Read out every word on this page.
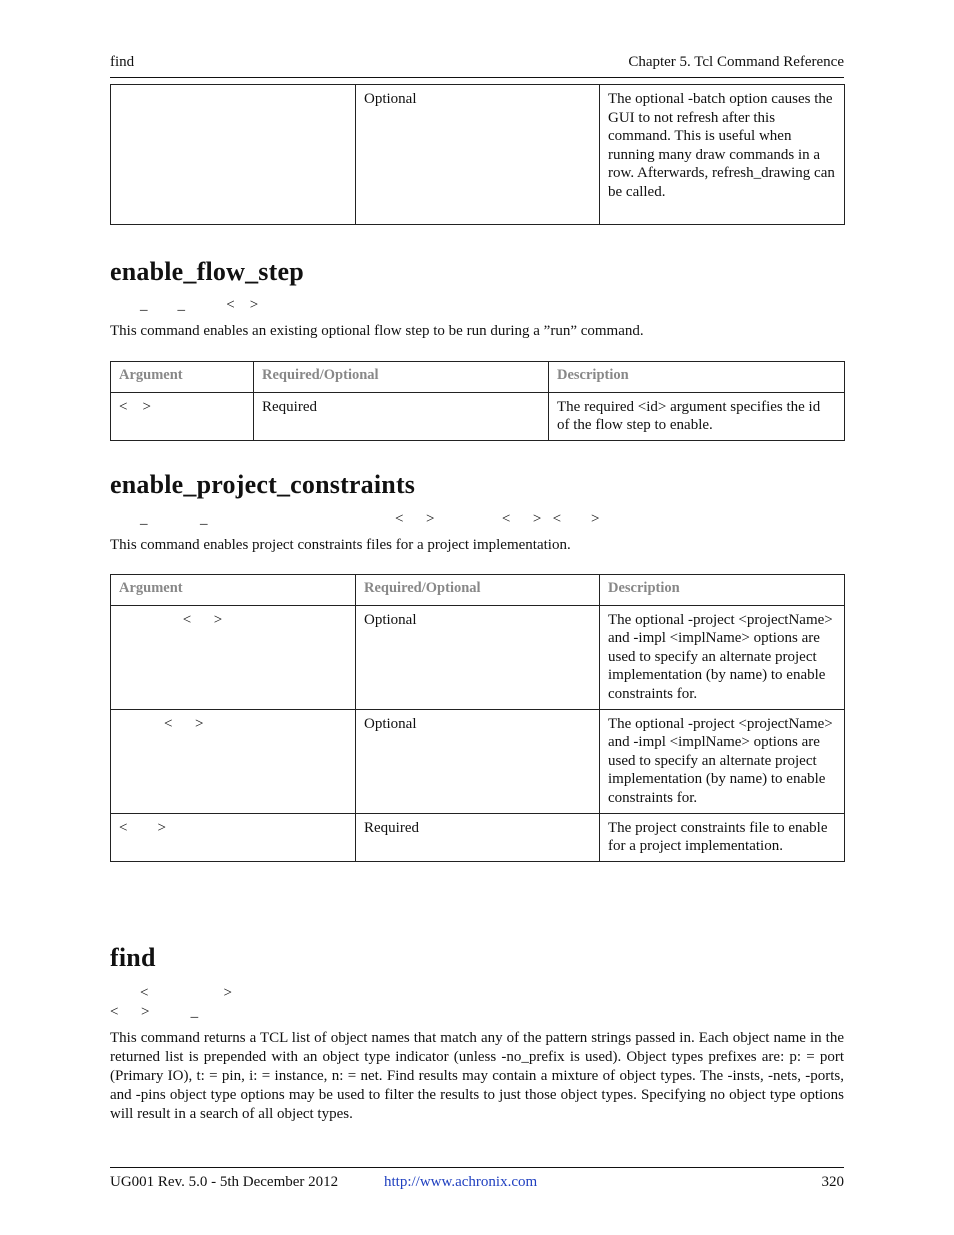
find	Chapter 5. Tcl Command Reference
	Optional	The optional -batch option causes the GUI to not refresh after this command. This is useful when running many draw commands in a row. Afterwards, refresh_drawing can be called.
enable_flow_step
_        _           <    >

This command enables an existing optional flow step to be run during a ”run” command.

Argument	Required/Optional	Description
<    >	Required	The required <id> argument specifies the id of the flow step to enable.
enable_project_constraints
_              _                                                  <      >                  <      >   <        >

This command enables project constraints files for a project implementation.

Argument	Required/Optional	Description
<      >	Optional	The optional -project <projectName> and -impl <implName> options are used to specify an alternate project implementation (by name) to enable constraints for.
<      >	Optional	The optional -project <projectName> and -impl <implName> options are used to specify an alternate project implementation (by name) to enable constraints for.
<        >	Required	The project constraints file to enable for a project implementation.
find
<                    >
<      >           _

This command returns a TCL list of object names that match any of the pattern strings passed in. Each object name in the returned list is prepended with an object type indicator (unless -no_prefix is used). Object types prefixes are: p: = port (Primary IO), t: = pin, i: = instance, n: = net. Find results may contain a mixture of object types. The -insts, -nets, -ports, and -pins object type options may be used to filter the results to just those object types. Specifying no object type options will result in a search of all object types.

UG001 Rev. 5.0 - 5th December 2012	http://www.achronix.com	320
